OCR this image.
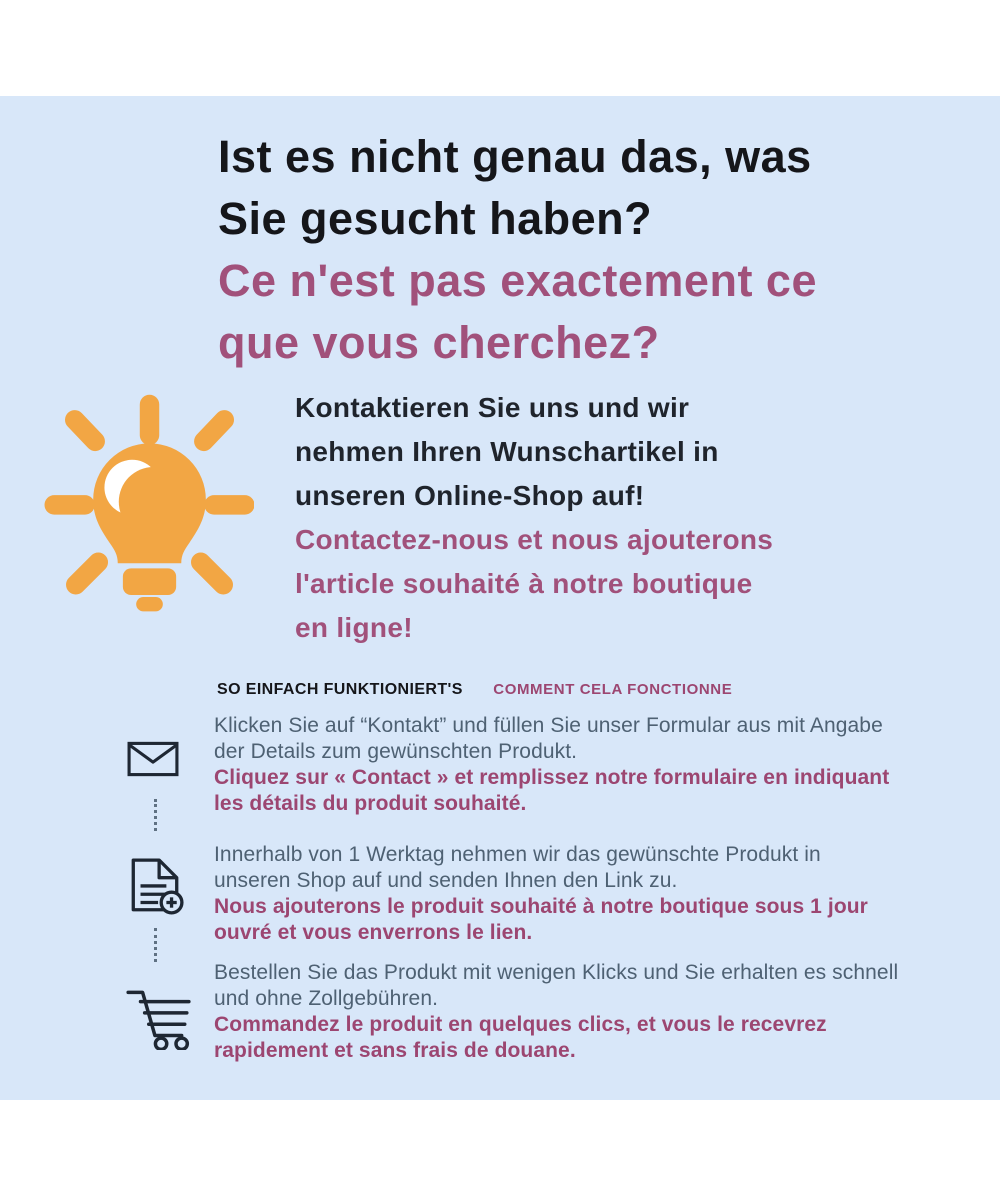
Ist es nicht genau das, was
Sie gesucht haben?
Ce n'est pas exactement ce
que vous cherchez?
Kontaktieren Sie uns und wir
nehmen Ihren Wunschartikel in
unseren Online-Shop auf!
Contactez-nous et nous ajouterons
l'article souhaité à notre boutique
en ligne!
SO EINFACH FUNKTIONIERT'S COMMENT CELA FONCTIONNE
Klicken Sie auf “Kontakt” und füllen Sie unser Formular aus mit Angabe
der Details zum gewünschten Produkt.
Cliquez sur « Contact » et remplissez notre formulaire en indiquant
les détails du produit souhaité.
Innerhalb von 1 Werktag nehmen wir das gewünschte Produkt in
unseren Shop auf und senden Ihnen den Link zu.
Nous ajouterons le produit souhaité à notre boutique sous 1 jour
ouvré et vous enverrons le lien.
Bestellen Sie das Produkt mit wenigen Klicks und Sie erhalten es schnell
und ohne Zollgebühren.
Commandez le produit en quelques clics, et vous le recevrez
rapidement et sans frais de douane.
